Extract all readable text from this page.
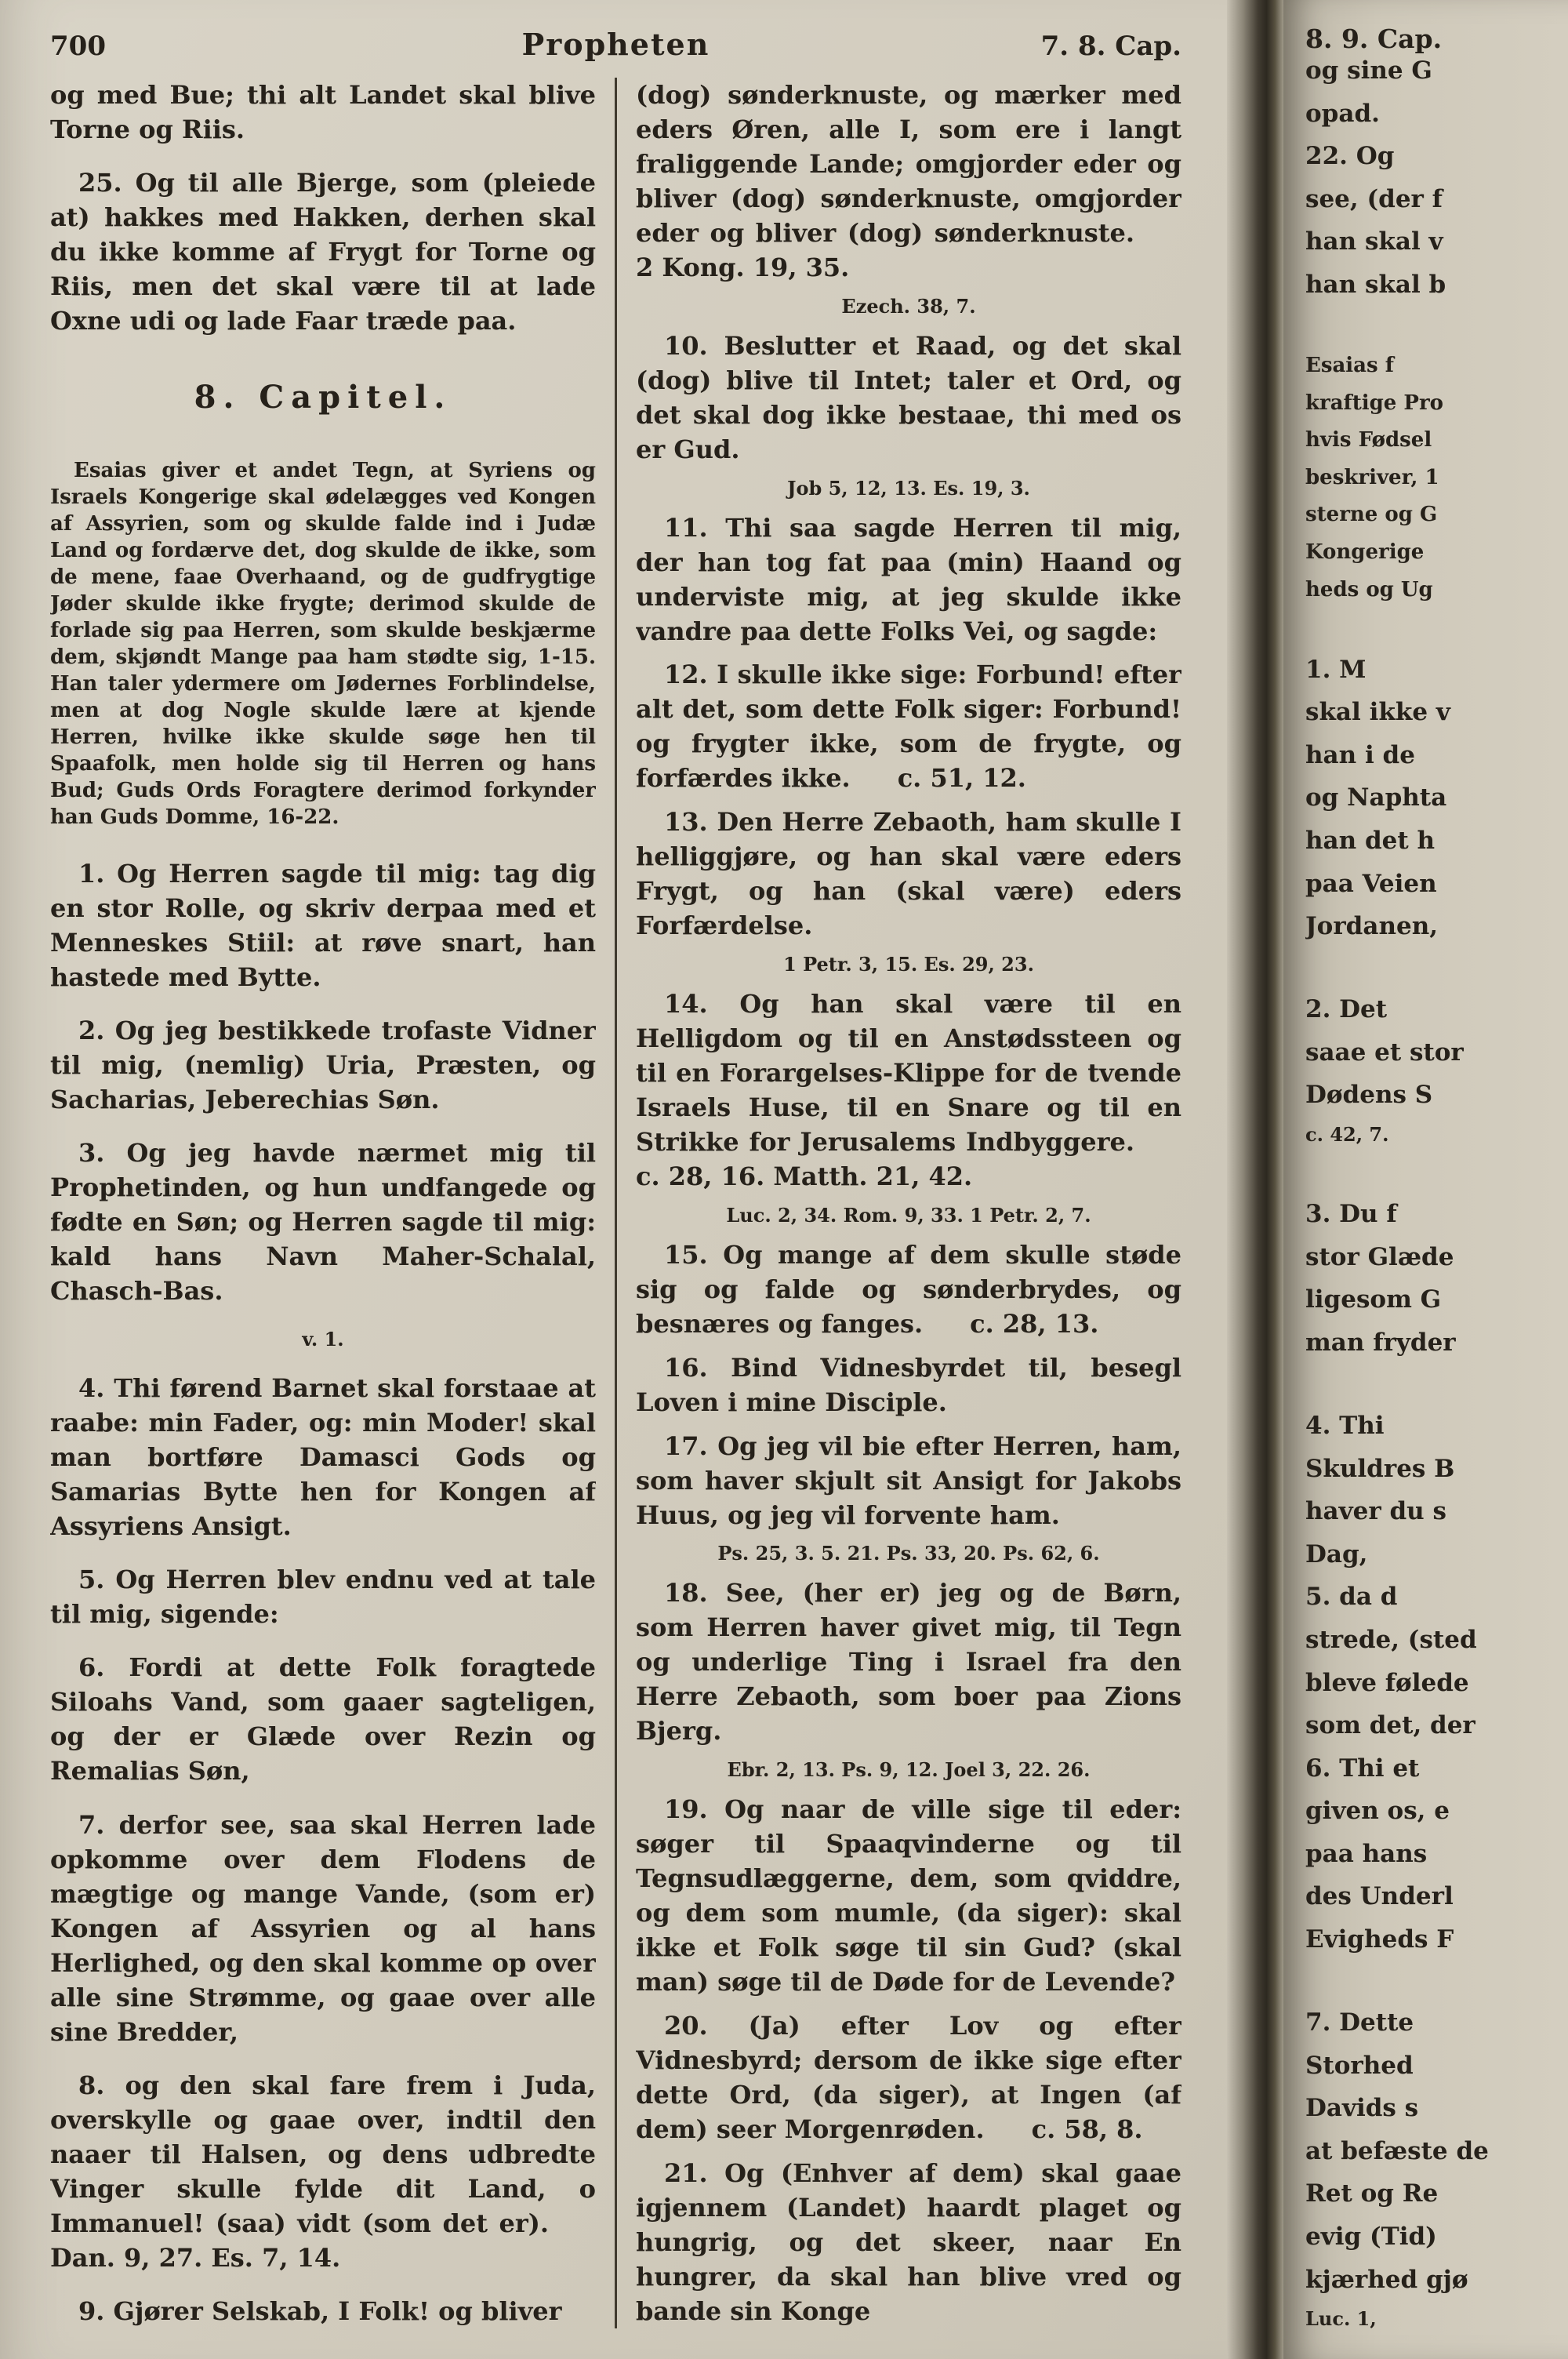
700	Propheten	7. 8. Cap.

og med Bue; thi alt Landet skal blive Torne og Riis.

25. Og til alle Bjerge, som (pleiede at) hakkes med Hakken, derhen skal du ikke komme af Frygt for Torne og Riis, men det skal være til at lade Oxne udi og lade Faar træde paa.

8. Capitel.

Esaias giver et andet Tegn, at Syriens og Israels Kongerige skal ødelægges ved Kongen af Assyrien, som og skulde falde ind i Judæ Land og fordærve det, dog skulde de ikke, som de mene, faae Overhaand, og de gudfrygtige Jøder skulde ikke frygte; derimod skulde de forlade sig paa Herren, som skulde beskjærme dem, skjøndt Mange paa ham stødte sig, 1-15. Han taler ydermere om Jødernes Forblindelse, men at dog Nogle skulde lære at kjende Herren, hvilke ikke skulde søge hen til Spaafolk, men holde sig til Herren og hans Bud; Guds Ords Foragtere derimod forkynder han Guds Domme, 16-22.

1. Og Herren sagde til mig: tag dig en stor Rolle, og skriv derpaa med et Menneskes Stiil: at røve snart, han hastede med Bytte.

2. Og jeg bestikkede trofaste Vidner til mig, (nemlig) Uria, Præsten, og Sacharias, Jeberechias Søn.

3. Og jeg havde nærmet mig til Prophetinden, og hun undfangede og fødte en Søn; og Herren sagde til mig: kald hans Navn Maher-Schalal, Chasch-Bas.

v. 1.

4. Thi førend Barnet skal forstaae at raabe: min Fader, og: min Moder! skal man bortføre Damasci Gods og Samarias Bytte hen for Kongen af Assyriens Ansigt.

5. Og Herren blev endnu ved at tale til mig, sigende:

6. Fordi at dette Folk foragtede Siloahs Vand, som gaaer sagteligen, og der er Glæde over Rezin og Remalias Søn,

7. derfor see, saa skal Herren lade opkomme over dem Flodens de mægtige og mange Vande, (som er) Kongen af Assyrien og al hans Herlighed, og den skal komme op over alle sine Strømme, og gaae over alle sine Bredder,

8. og den skal fare frem i Juda, overskylle og gaae over, indtil den naaer til Halsen, og dens udbredte Vinger skulle fylde dit Land, o Immanuel! (saa) vidt (som det er).Dan. 9, 27. Es. 7, 14.

9. Gjører Selskab, I Folk! og bliver

(dog) sønderknuste, og mærker med eders Øren, alle I, som ere i langt fraliggende Lande; omgjorder eder og bliver (dog) sønderknuste, omgjorder eder og bliver (dog) sønderknuste.2 Kong. 19, 35.

Ezech. 38, 7.

10. Beslutter et Raad, og det skal (dog) blive til Intet; taler et Ord, og det skal dog ikke bestaae, thi med os er Gud.

Job 5, 12, 13. Es. 19, 3.

11. Thi saa sagde Herren til mig, der han tog fat paa (min) Haand og underviste mig, at jeg skulde ikke vandre paa dette Folks Vei, og sagde:

12. I skulle ikke sige: Forbund! efter alt det, som dette Folk siger: Forbund! og frygter ikke, som de frygte, og forfærdes ikke. c. 51, 12.

13. Den Herre Zebaoth, ham skulle I helliggjøre, og han skal være eders Frygt, og han (skal være) eders Forfærdelse.

1 Petr. 3, 15. Es. 29, 23.

14. Og han skal være til en Helligdom og til en Anstødssteen og til en Forargelses-Klippe for de tvende Israels Huse, til en Snare og til en Strikke for Jerusalems Indbyggere.c. 28, 16. Matth. 21, 42.

Luc. 2, 34. Rom. 9, 33. 1 Petr. 2, 7.

15. Og mange af dem skulle støde sig og falde og sønderbrydes, og besnæres og fanges. c. 28, 13.

16. Bind Vidnesbyrdet til, besegl Loven i mine Disciple.

17. Og jeg vil bie efter Herren, ham, som haver skjult sit Ansigt for Jakobs Huus, og jeg vil forvente ham.

Ps. 25, 3. 5. 21. Ps. 33, 20. Ps. 62, 6.

18. See, (her er) jeg og de Børn, som Herren haver givet mig, til Tegn og underlige Ting i Israel fra den Herre Zebaoth, som boer paa Zions Bjerg.

Ebr. 2, 13. Ps. 9, 12. Joel 3, 22. 26.

19. Og naar de ville sige til eder: søger til Spaaqvinderne og til Tegnsudlæggerne, dem, som qviddre, og dem som mumle, (da siger): skal ikke et Folk søge til sin Gud? (skal man) søge til de Døde for de Levende?

20. (Ja) efter Lov og efter Vidnesbyrd; dersom de ikke sige efter dette Ord, (da siger), at Ingen (af dem) seer Morgenrøden. c. 58, 8.

21. Og (Enhver af dem) skal gaae igjennem (Landet) haardt plaget og hungrig, og det skeer, naar En hungrer, da skal han blive vred og bande sin Konge

8. 9. Cap.

og sine G

opad.

22. Og

see, (der f

han skal v

han skal b

Esaias f

kraftige Pro

hvis Fødsel

beskriver, 1

sterne og G

Kongerige

heds og Ug

1. M

skal ikke v

han i de

og Naphta

han det h

paa Veien

Jordanen,

2. Det

saae et stor

Dødens S

c. 42, 7.

3. Du f

stor Glæde

ligesom G

man fryder

4. Thi

Skuldres B

haver du s

Dag,

5. da d

strede, (sted

bleve følede

som det, der

6. Thi et

given os, e

paa hans

des Underl

Evigheds F

7. Dette

Storhed

Davids s

at befæste de

Ret og Re

evig (Tid)

kjærhed gjø

Luc. 1,
